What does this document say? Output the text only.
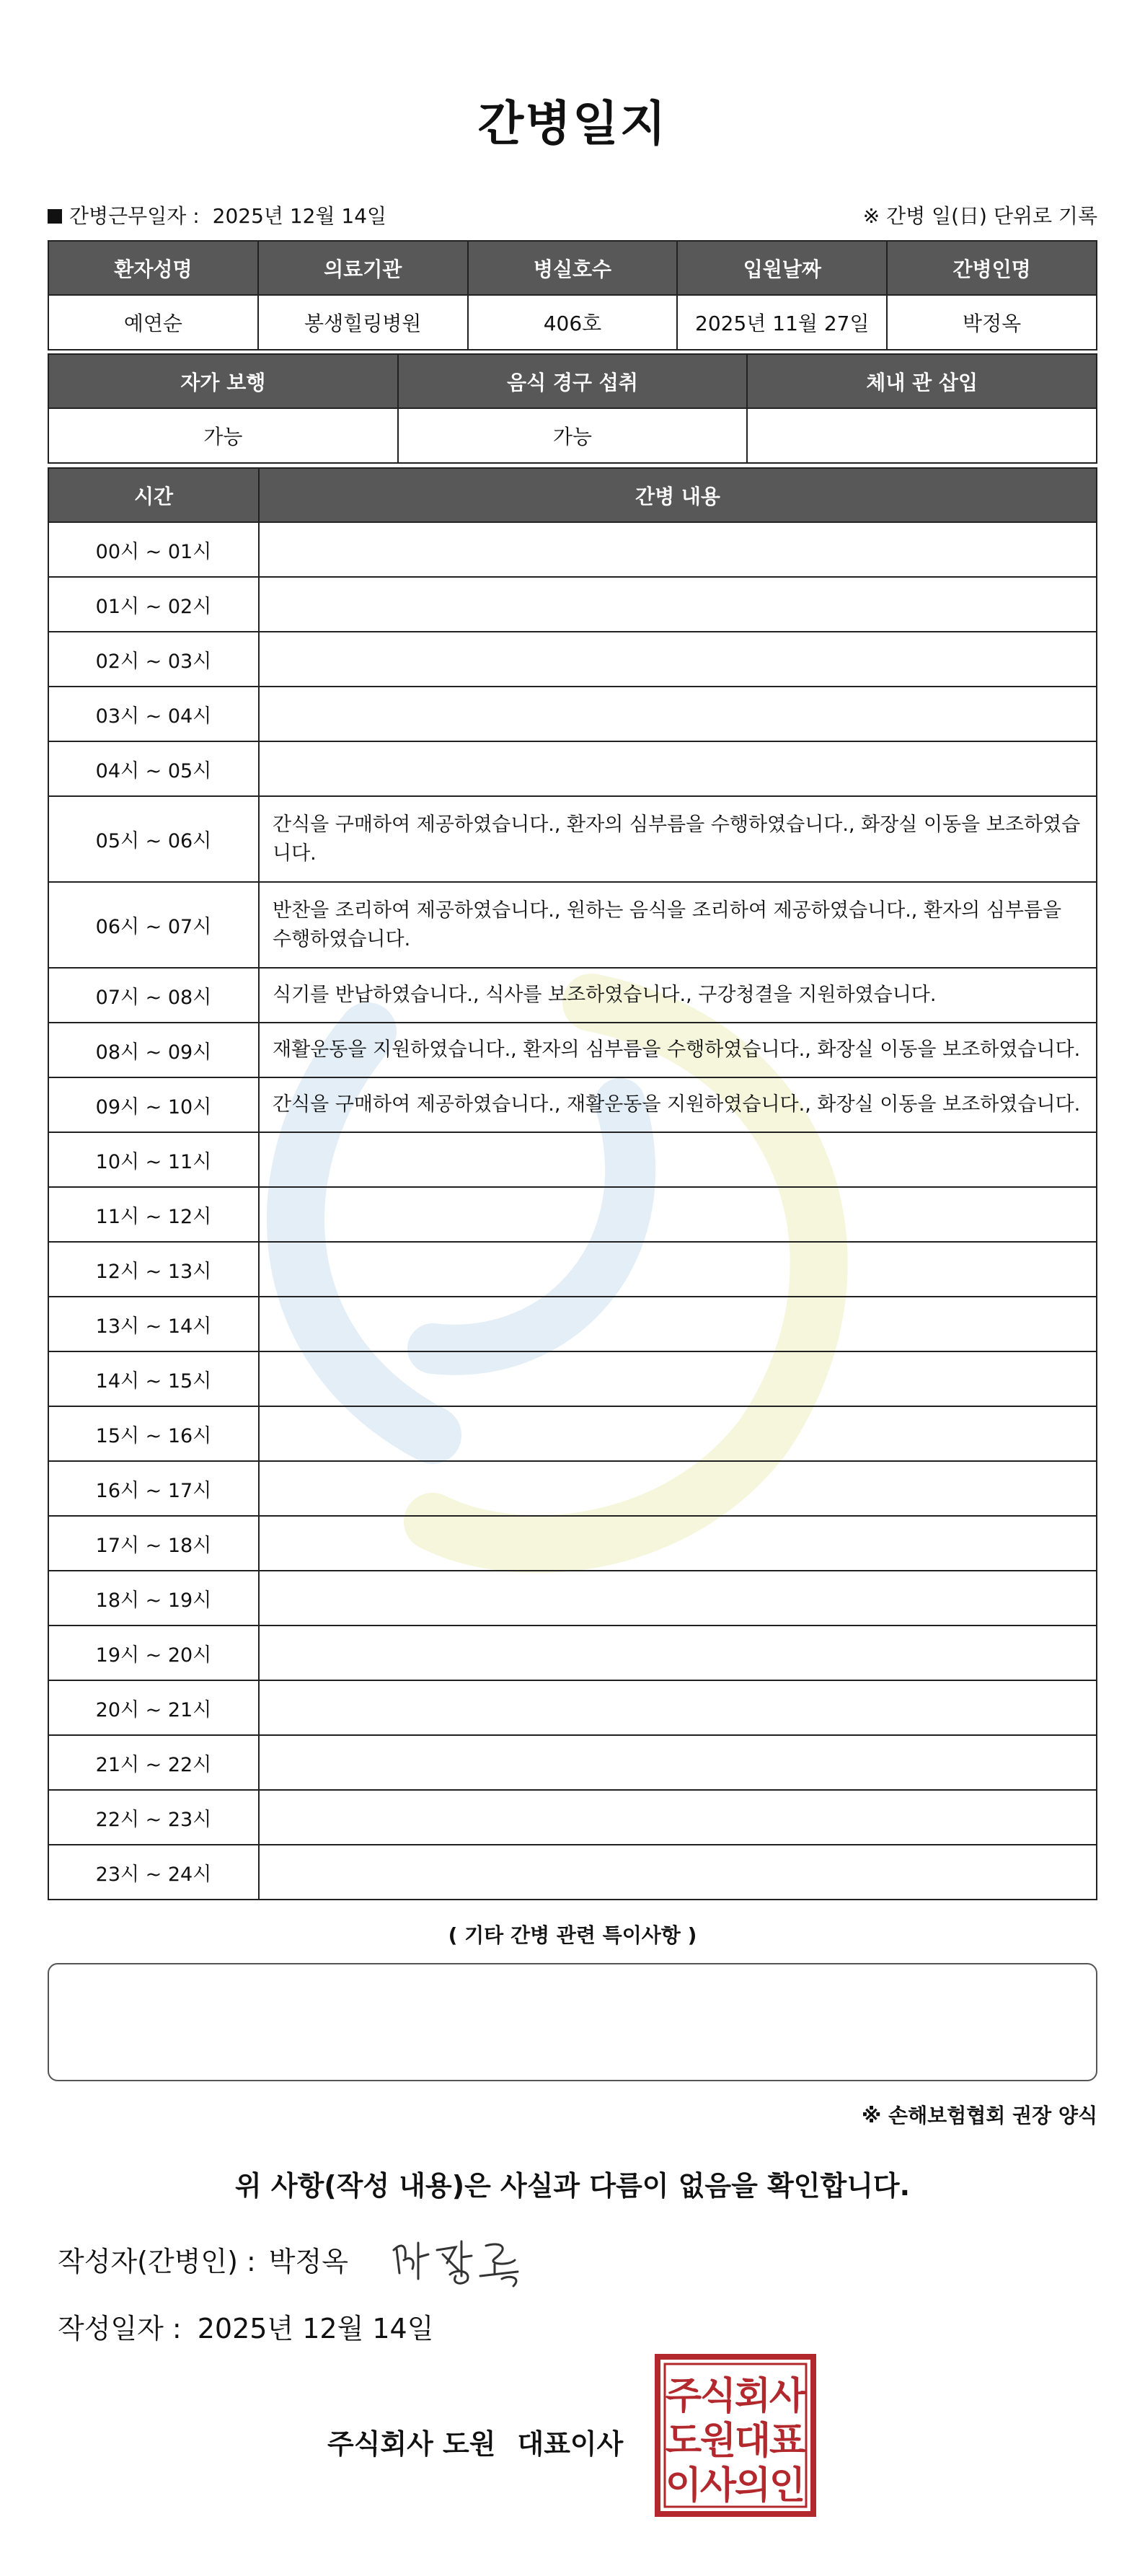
간병일지
간병근무일자 : 2025년 12월 14일	※ 간병 일(日) 단위로 기록
환자성명	의료기관	병실호수	입원날짜	간병인명
예연순	봉생힐링병원	406호	2025년 11월 27일	박정옥
자가 보행	음식 경구 섭취	체내 관 삽입
가능	가능	
시간	간병 내용
00시 ~ 01시	
01시 ~ 02시	
02시 ~ 03시	
03시 ~ 04시	
04시 ~ 05시	
05시 ~ 06시	간식을 구매하여 제공하였습니다., 환자의 심부름을 수행하였습니다., 화장실 이동을 보조하였습니다.
06시 ~ 07시	반찬을 조리하여 제공하였습니다., 원하는 음식을 조리하여 제공하였습니다., 환자의 심부름을 수행하였습니다.
07시 ~ 08시	식기를 반납하였습니다., 식사를 보조하였습니다., 구강청결을 지원하였습니다.
08시 ~ 09시	재활운동을 지원하였습니다., 환자의 심부름을 수행하였습니다., 화장실 이동을 보조하였습니다.
09시 ~ 10시	간식을 구매하여 제공하였습니다., 재활운동을 지원하였습니다., 화장실 이동을 보조하였습니다.
10시 ~ 11시	
11시 ~ 12시	
12시 ~ 13시	
13시 ~ 14시	
14시 ~ 15시	
15시 ~ 16시	
16시 ~ 17시	
17시 ~ 18시	
18시 ~ 19시	
19시 ~ 20시	
20시 ~ 21시	
21시 ~ 22시	
22시 ~ 23시	
23시 ~ 24시	
( 기타 간병 관련 특이사항 )
※ 손해보험협회 권장 양식
위 사항(작성 내용)은 사실과 다름이 없음을 확인합니다.
작성자(간병인) : 박정옥
작성일자 : 2025년 12월 14일
주식회사 도원 대표이사
주
식
회
사
도
원
대
표
이
사
의
인
